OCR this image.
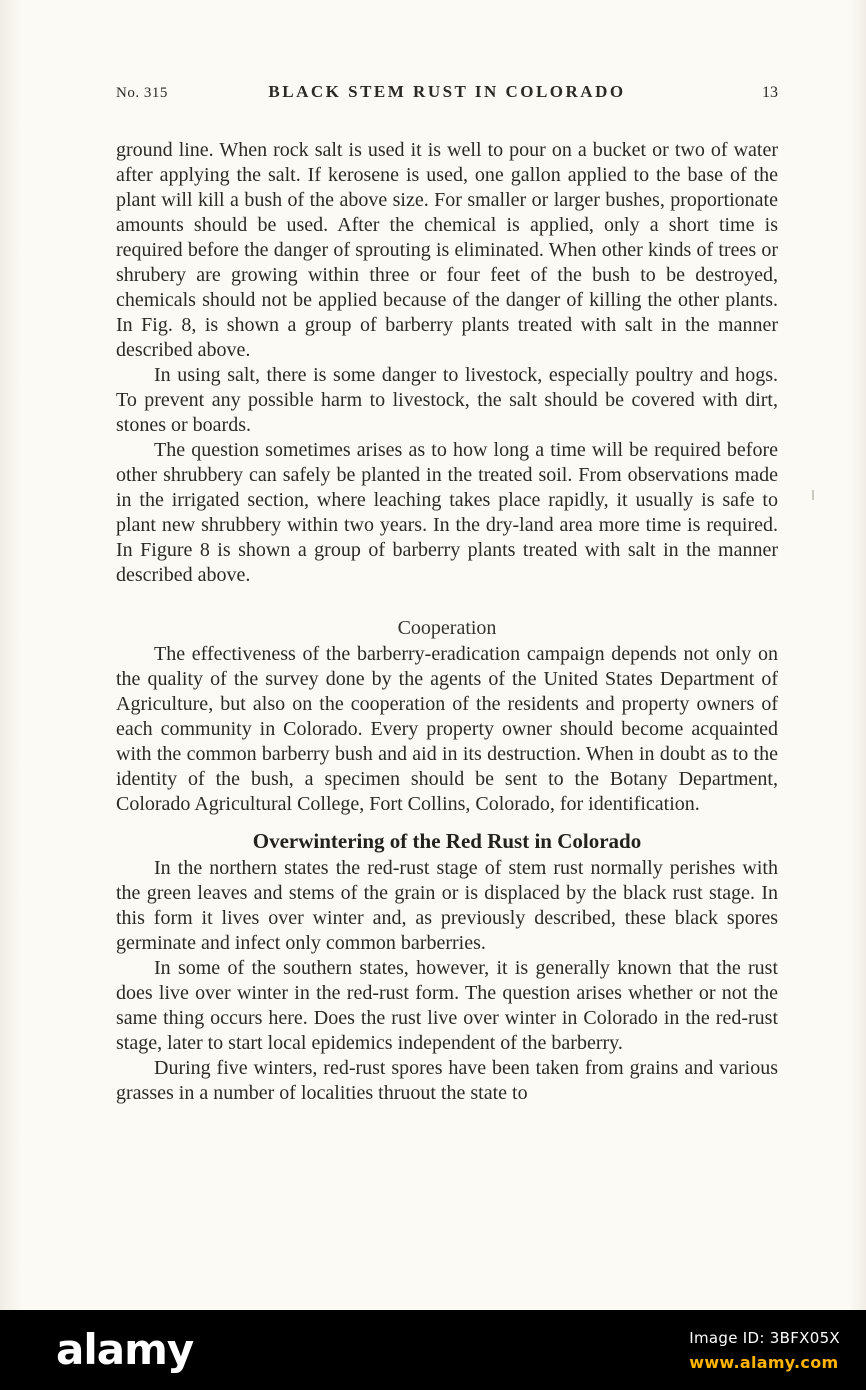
No. 315	BLACK STEM RUST IN COLORADO	13

ground line. When rock salt is used it is well to pour on a bucket or two of water after applying the salt. If kerosene is used, one gallon applied to the base of the plant will kill a bush of the above size. For smaller or larger bushes, proportionate amounts should be used. After the chemical is applied, only a short time is required before the danger of sprouting is eliminated. When other kinds of trees or shrubery are growing within three or four feet of the bush to be destroyed, chemicals should not be applied because of the danger of killing the other plants. In Fig. 8, is shown a group of barberry plants treated with salt in the manner described above.

In using salt, there is some danger to livestock, especially poultry and hogs. To prevent any possible harm to livestock, the salt should be covered with dirt, stones or boards.

The question sometimes arises as to how long a time will be required before other shrubbery can safely be planted in the treated soil. From observations made in the irrigated section, where leaching takes place rapidly, it usually is safe to plant new shrubbery within two years. In the dry-land area more time is required. In Figure 8 is shown a group of barberry plants treated with salt in the manner described above.

Cooperation

The effectiveness of the barberry-eradication campaign depends not only on the quality of the survey done by the agents of the United States Department of Agriculture, but also on the cooperation of the residents and property owners of each community in Colorado. Every property owner should become acquainted with the common barberry bush and aid in its destruction. When in doubt as to the identity of the bush, a specimen should be sent to the Botany Department, Colorado Agricultural College, Fort Collins, Colorado, for identification.

Overwintering of the Red Rust in Colorado

In the northern states the red-rust stage of stem rust normally perishes with the green leaves and stems of the grain or is displaced by the black rust stage. In this form it lives over winter and, as previously described, these black spores germinate and infect only common barberries.

In some of the southern states, however, it is generally known that the rust does live over winter in the red-rust form. The question arises whether or not the same thing occurs here. Does the rust live over winter in Colorado in the red-rust stage, later to start local epidemics independent of the barberry.

During five winters, red-rust spores have been taken from grains and various grasses in a number of localities thruout the state to

alamy	Image ID: 3BFX05X
www.alamy.com
